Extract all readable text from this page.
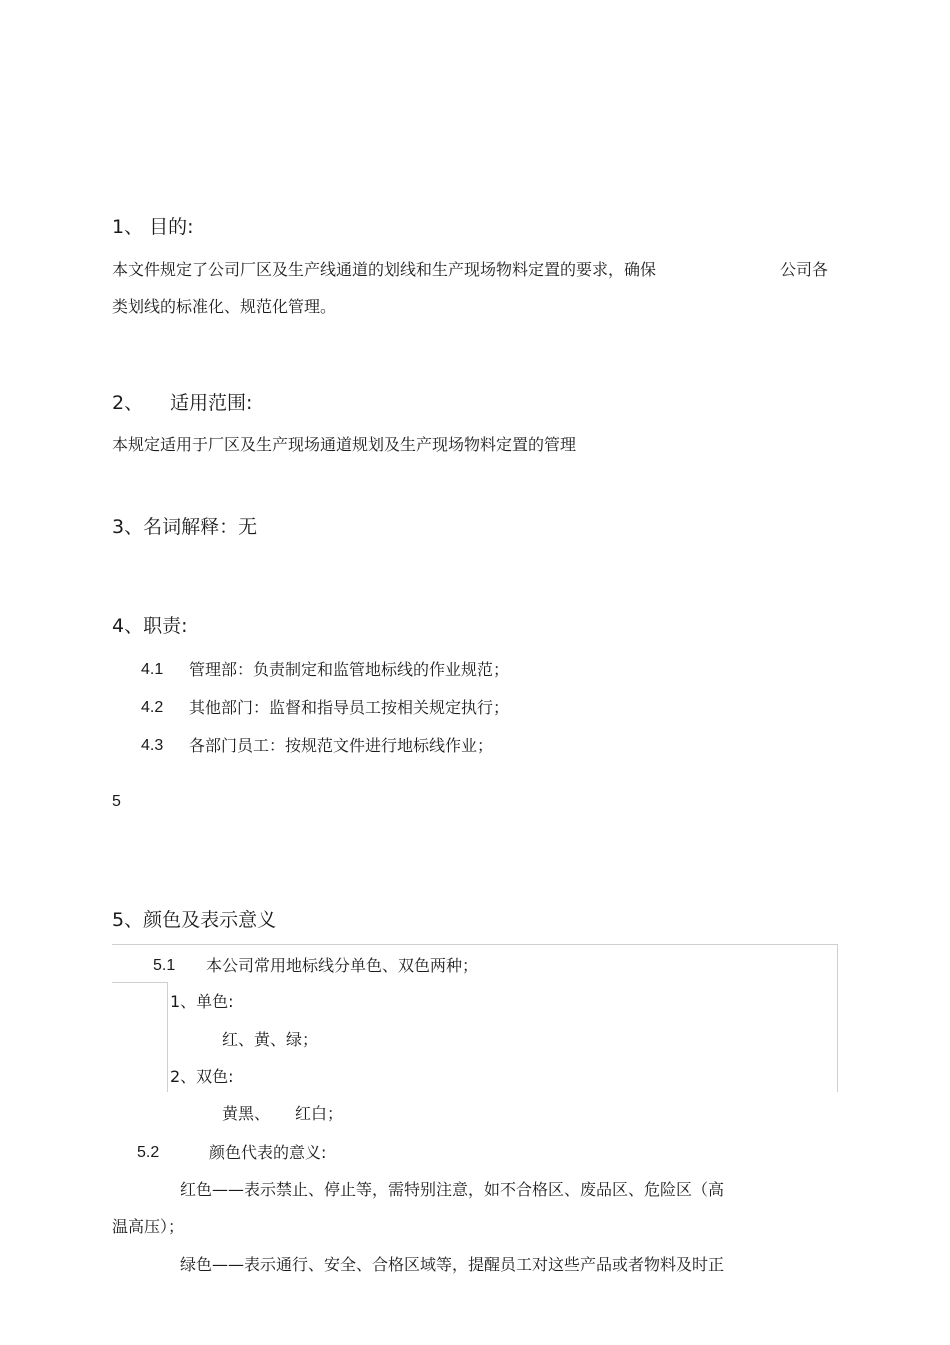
1、 目的:
本文件规定了公司厂区及生产线通道的划线和生产现场物料定置的要求，确保	公司各
类划线的标准化、规范化管理。
2、 适用范围:
本规定适用于厂区及生产现场通道规划及生产现场物料定置的管理
3、名词解释：无
4、职责:
4.1 管理部：负责制定和监管地标线的作业规范；
4.2 其他部门：监督和指导员工按相关规定执行；
4.3 各部门员工：按规范文件进行地标线作业；
5
5、颜色及表示意义
5.1 本公司常用地标线分单色、双色两种；
1、单色:
红、黄、绿；
2、双色:
黄黑、 红白；
5.2	颜色代表的意义:
红色——表示禁止、停止等，需特别注意，如不合格区、废品区、危险区（高
温高压）；
绿色——表示通行、安全、合格区域等，提醒员工对这些产品或者物料及时正
